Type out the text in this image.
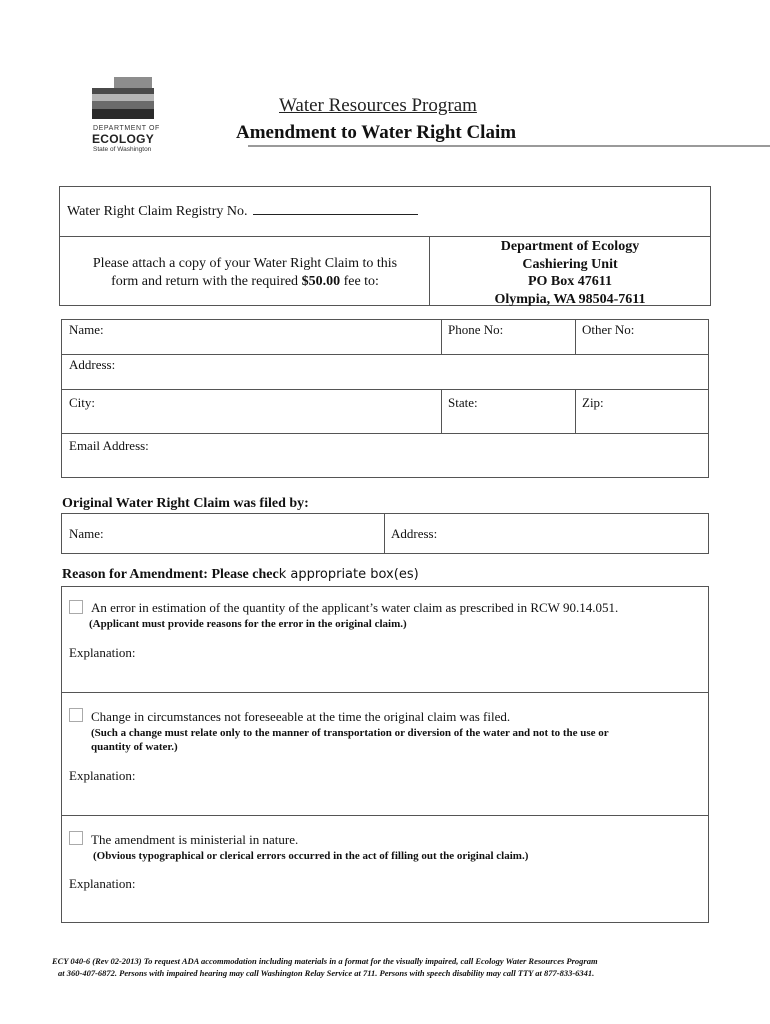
DEPARTMENT OF
ECOLOGY
State of Washington
Water Resources Program
Amendment to Water Right Claim
Water Right Claim Registry No.
Please attach a copy of your Water Right Claim to this
form and return with the required $50.00 fee to:
Department of Ecology
Cashiering Unit
PO Box 47611
Olympia, WA 98504-7611
Name:	Phone No:	Other No:
Address:
City:	State:	Zip:
Email Address:
Original Water Right Claim was filed by:
Name:	Address:
Reason for Amendment: Please check appropriate box(es)
An error in estimation of the quantity of the applicant’s water claim as prescribed in RCW 90.14.051.
(Applicant must provide reasons for the error in the original claim.)
Explanation:
Change in circumstances not foreseeable at the time the original claim was filed.
(Such a change must relate only to the manner of transportation or diversion of the water and not to the use or
quantity of water.)
Explanation:
The amendment is ministerial in nature.
(Obvious typographical or clerical errors occurred in the act of filling out the original claim.)
Explanation:
ECY 040-6 (Rev 02-2013) To request ADA accommodation including materials in a format for the visually impaired, call Ecology Water Resources Program
at 360-407-6872. Persons with impaired hearing may call Washington Relay Service at 711. Persons with speech disability may call TTY at 877-833-6341.
